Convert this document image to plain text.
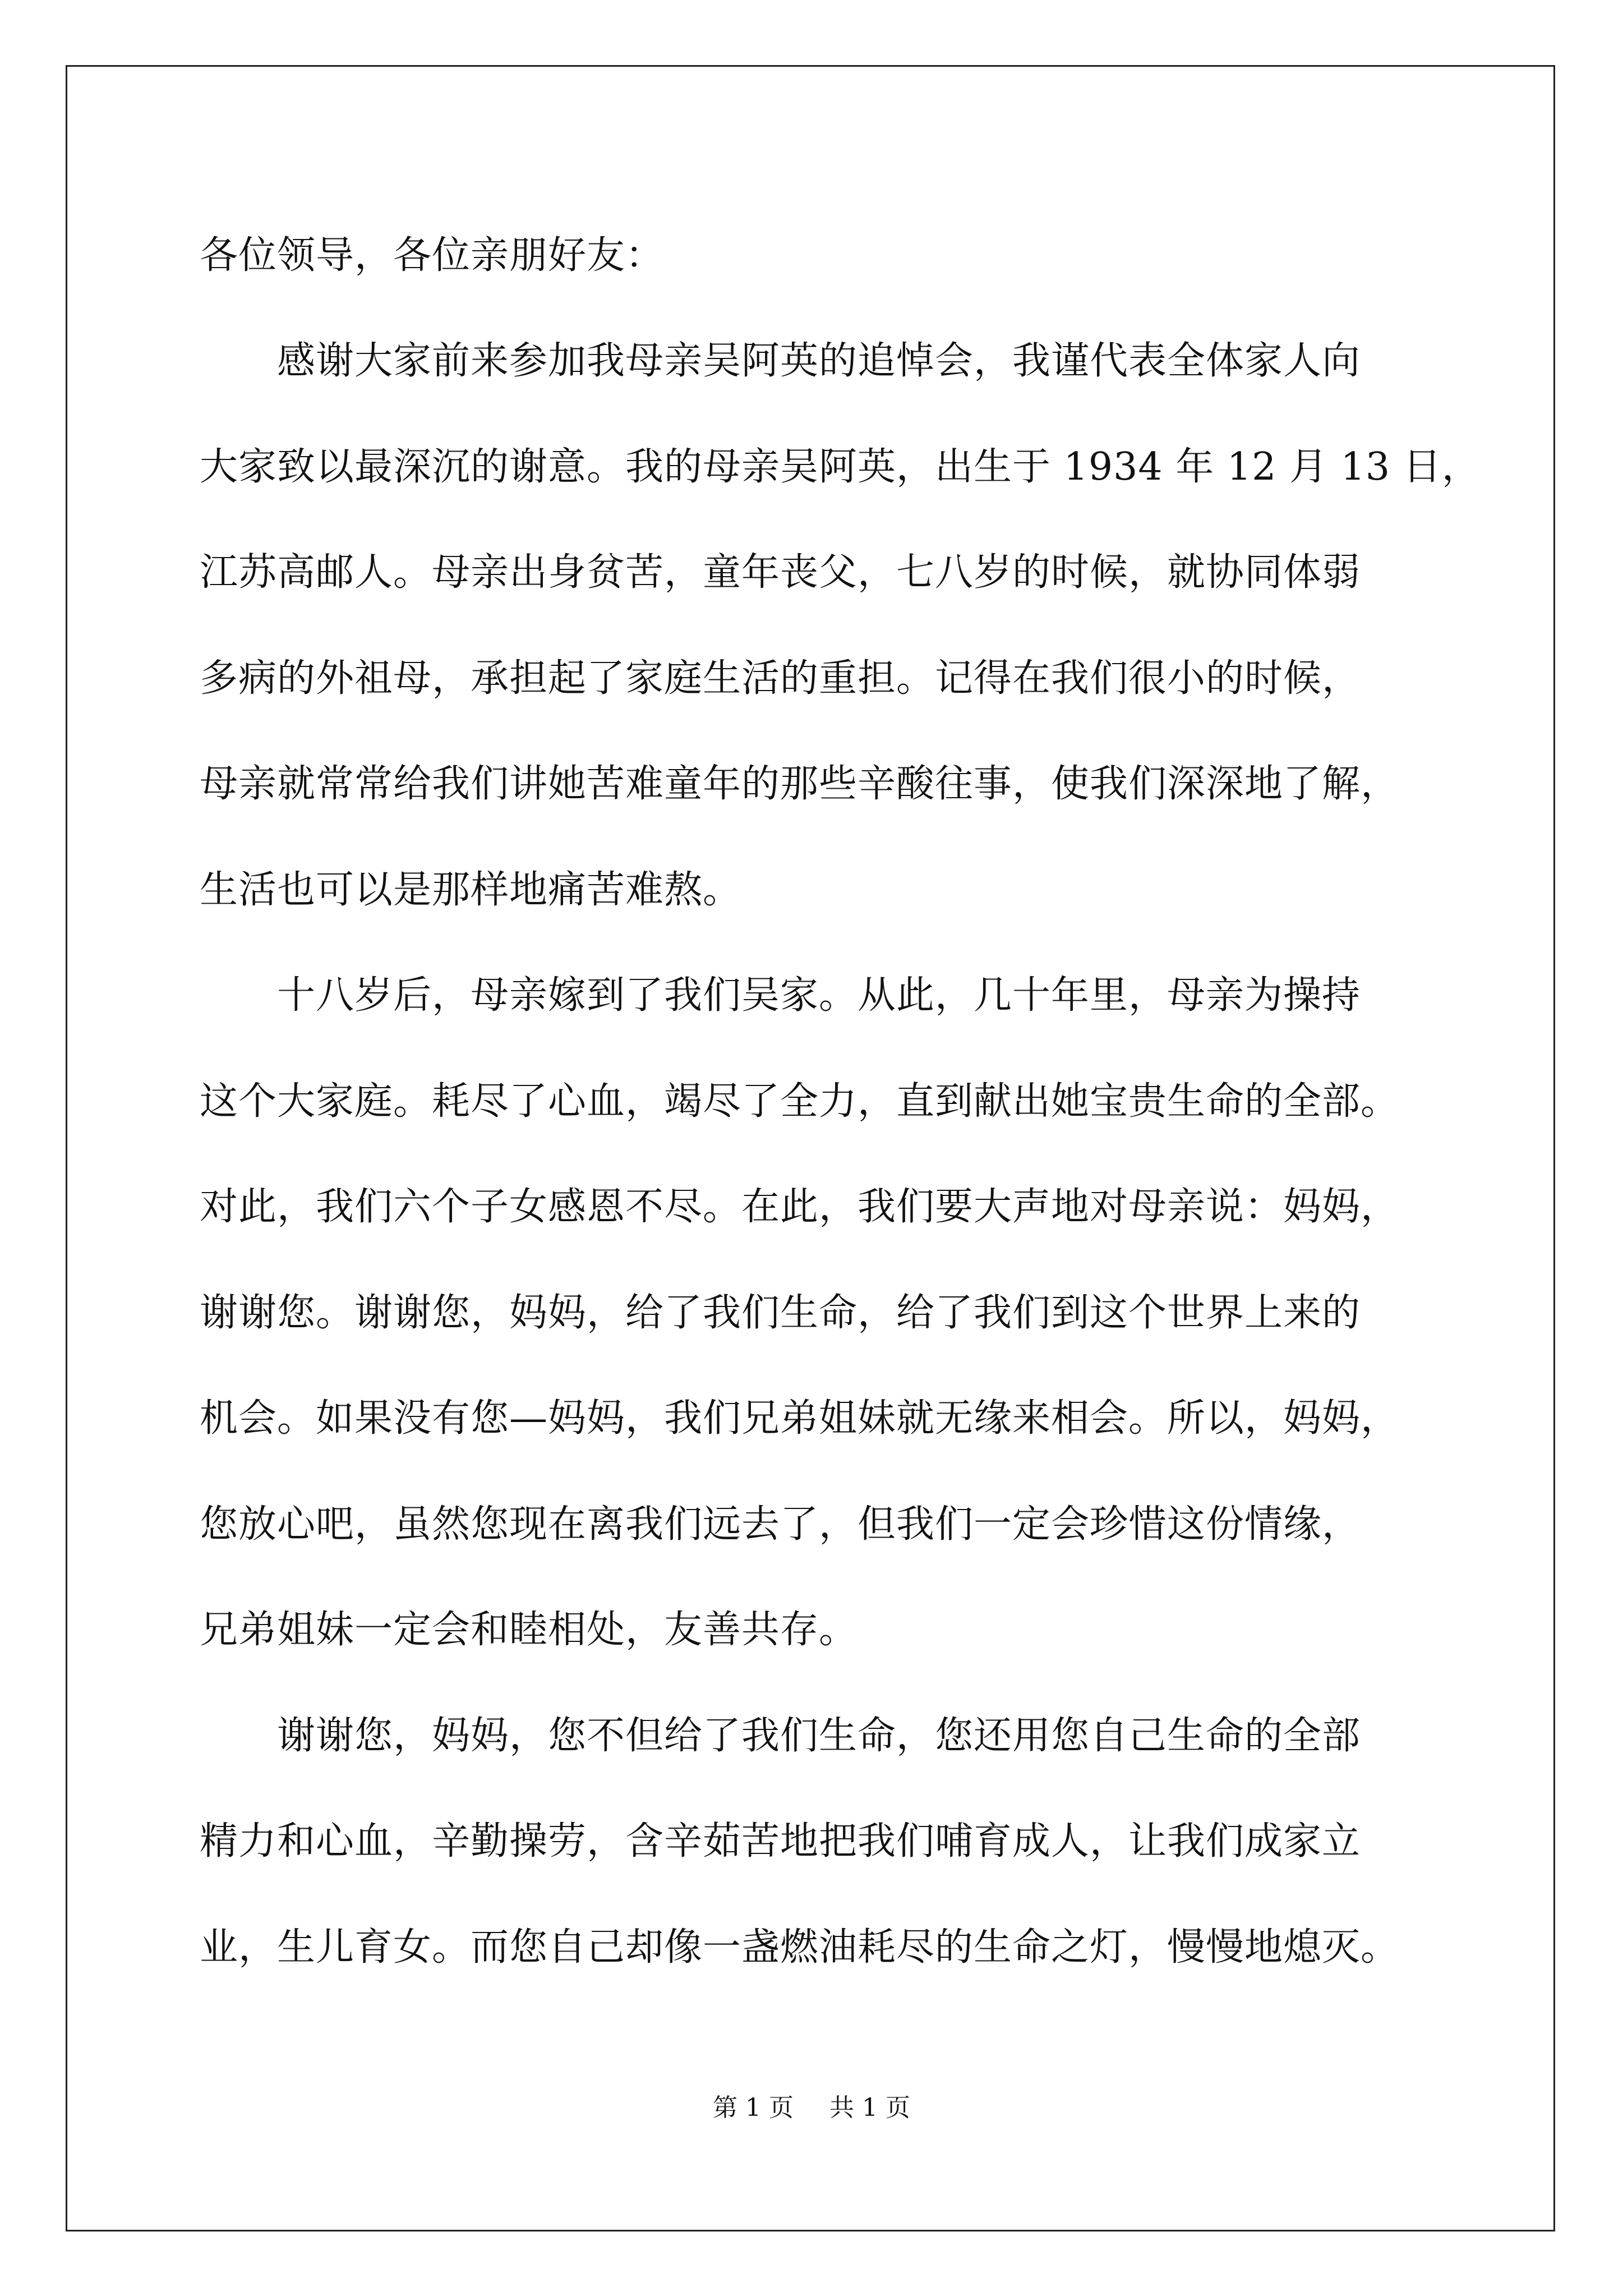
各位领导，各位亲朋好友：
　　感谢大家前来参加我母亲吴阿英的追悼会，我谨代表全体家人向
大家致以最深沉的谢意。我的母亲吴阿英，出生于 1934 年 12 月 13 日，
江苏高邮人。母亲出身贫苦，童年丧父，七八岁的时候，就协同体弱
多病的外祖母，承担起了家庭生活的重担。记得在我们很小的时候，
母亲就常常给我们讲她苦难童年的那些辛酸往事，使我们深深地了解，
生活也可以是那样地痛苦难熬。
　　十八岁后，母亲嫁到了我们吴家。从此，几十年里，母亲为操持
这个大家庭。耗尽了心血，竭尽了全力，直到献出她宝贵生命的全部。
对此，我们六个子女感恩不尽。在此，我们要大声地对母亲说：妈妈，
谢谢您。谢谢您，妈妈，给了我们生命，给了我们到这个世界上来的
机会。如果没有您—妈妈，我们兄弟姐妹就无缘来相会。所以，妈妈，
您放心吧，虽然您现在离我们远去了，但我们一定会珍惜这份情缘，
兄弟姐妹一定会和睦相处，友善共存。
　　谢谢您，妈妈，您不但给了我们生命，您还用您自己生命的全部
精力和心血，辛勤操劳，含辛茹苦地把我们哺育成人，让我们成家立
业，生儿育女。而您自己却像一盏燃油耗尽的生命之灯，慢慢地熄灭。
第 1 页 共 1 页
